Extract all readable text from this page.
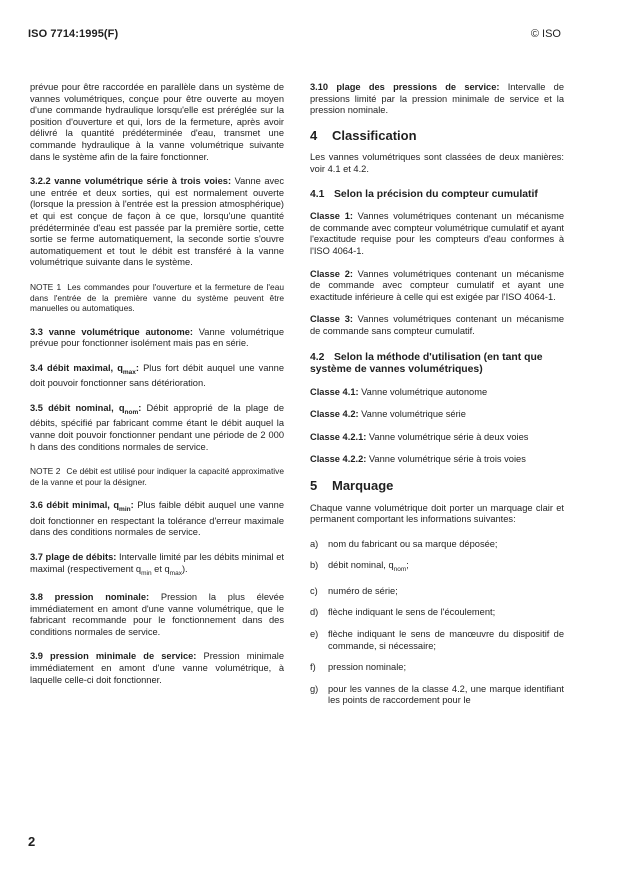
ISO 7714:1995(F)	© ISO

prévue pour être raccordée en parallèle dans un système de vannes volumétriques, conçue pour être ouverte au moyen d'une commande hydraulique lorsqu'elle est préréglée sur la position d'ouverture et qui, lors de la fermeture, après avoir délivré la quantité prédéterminée d'eau, transmet une commande hydraulique à la vanne volumétrique suivante dans le système afin de la faire fonctionner.

3.2.2 vanne volumétrique série à trois voies: Vanne avec une entrée et deux sorties, qui est normalement ouverte (lorsque la pression à l'entrée est la pression atmosphérique) et qui est conçue de façon à ce que, lorsqu'une quantité prédéterminée d'eau est passée par la première sortie, cette sortie se ferme automatiquement, la seconde sortie s'ouvre automatiquement et tout le débit est transféré à la vanne volumétrique suivante dans le système.

NOTE 1 Les commandes pour l'ouverture et la fermeture de l'eau dans l'entrée de la première vanne du système peuvent être manuelles ou automatiques.

3.3 vanne volumétrique autonome: Vanne volumétrique prévue pour fonctionner isolément mais pas en série.

3.4 débit maximal, $q_{max}$: Plus fort débit auquel une vanne doit pouvoir fonctionner sans détérioration.

3.5 débit nominal, $q_{nom}$: Débit approprié de la plage de débits, spécifié par fabricant comme étant le débit auquel la vanne doit pouvoir fonctionner pendant une période de 2 000 h dans des conditions normales de service.

NOTE 2 Ce débit est utilisé pour indiquer la capacité approximative de la vanne et pour la désigner.

3.6 débit minimal, $q_{min}$: Plus faible débit auquel une vanne doit fonctionner en respectant la tolérance d'erreur maximale dans des conditions normales de service.

3.7 plage de débits: Intervalle limité par les débits minimal et maximal (respectivement $q_{min}$ et $q_{max}$).

3.8 pression nominale: Pression la plus élevée immédiatement en amont d'une vanne volumétrique, que le fabricant recommande pour le fonctionnement dans des conditions normales de service.

3.9 pression minimale de service: Pression minimale immédiatement en amont d'une vanne volumétrique, à laquelle celle-ci doit fonctionner.

3.10 plage des pressions de service: Intervalle de pressions limité par la pression minimale de service et la pression nominale.

4 Classification

Les vannes volumétriques sont classées de deux manières: voir 4.1 et 4.2.

4.1 Selon la précision du compteur cumulatif

Classe 1: Vannes volumétriques contenant un mécanisme de commande avec compteur volumétrique cumulatif et ayant l'exactitude requise pour les compteurs d'eau conformes à l'ISO 4064-1.

Classe 2: Vannes volumétriques contenant un mécanisme de commande avec compteur cumulatif et ayant une exactitude inférieure à celle qui est exigée par l'ISO 4064-1.

Classe 3: Vannes volumétriques contenant un mécanisme de commande sans compteur cumulatif.

4.2 Selon la méthode d'utilisation (en tant que système de vannes volumétriques)

Classe 4.1: Vanne volumétrique autonome

Classe 4.2: Vanne volumétrique série

Classe 4.2.1: Vanne volumétrique série à deux voies

Classe 4.2.2: Vanne volumétrique série à trois voies

5 Marquage

Chaque vanne volumétrique doit porter un marquage clair et permanent comportant les informations suivantes:

a)	nom du fabricant ou sa marque déposée;
b)	débit nominal, $q_{nom}$;
c)	numéro de série;
d)	flèche indiquant le sens de l'écoulement;
e)	flèche indiquant le sens de manœuvre du dispositif de commande, si nécessaire;
f)	pression nominale;
g)	pour les vannes de la classe 4.2, une marque identifiant les points de raccordement pour le
2
